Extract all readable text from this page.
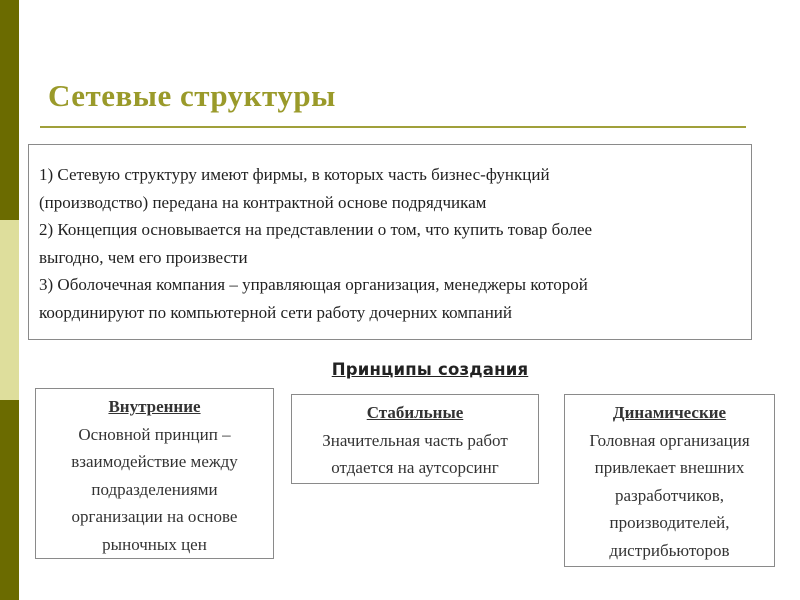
Сетевые структуры

1) Сетевую структуру имеют фирмы, в которых часть бизнес-функций

(производство) передана на контрактной основе подрядчикам

2) Концепция основывается на представлении о том, что купить товар более

выгодно, чем его произвести

3) Оболочечная компания – управляющая организация, менеджеры которой

координируют по компьютерной сети работу дочерних компаний

Принципы создания
Внутренние
Основной принцип –
взаимодействие между
подразделениями
организации на основе
рыночных цен
Стабильные
Значительная часть работ
отдается на аутсорсинг
Динамические
Головная организация
привлекает внешних
разработчиков,
производителей,
дистрибьюторов
